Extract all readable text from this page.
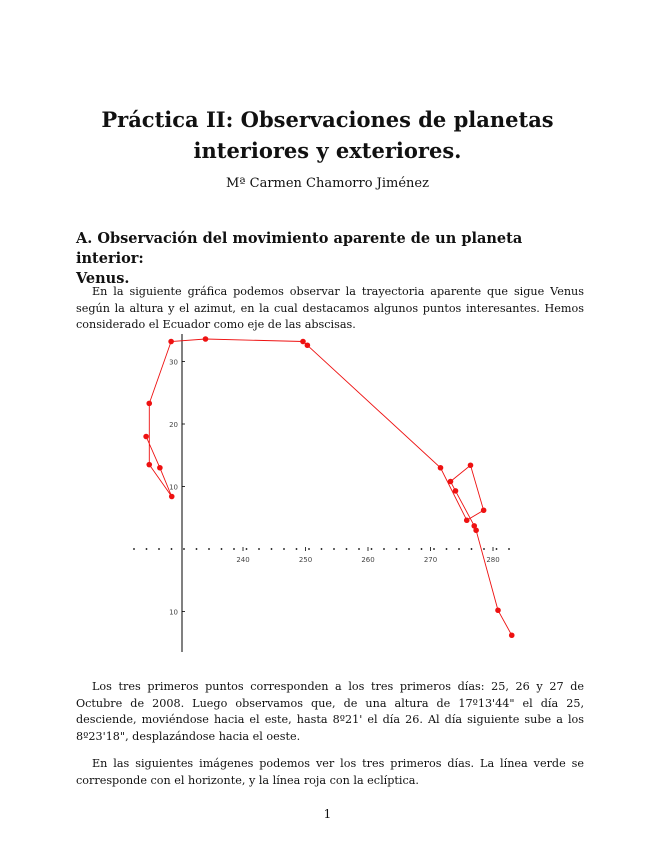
Práctica II: Observaciones de planetas
interiores y exteriores.
Mª Carmen Chamorro Jiménez
A. Observación del movimiento aparente de un planeta interior:
Venus.

En la siguiente gráfica podemos observar la trayectoria aparente que sigue Venus según la altura y el azimut, en la cual destacamos algunos puntos interesantes. Hemos considerado el Ecuador como eje de las abscisas.

240	250	260	270	280
30
20
10
10

Los tres primeros puntos corresponden a los tres primeros días: 25, 26 y 27 de Octubre de 2008. Luego observamos que, de una altura de 17º13'44" el día 25, desciende, moviéndose hacia el este, hasta 8º21' el día 26. Al día siguiente sube a los 8º23'18", desplazándose hacia el oeste.

En las siguientes imágenes podemos ver los tres primeros días. La línea verde se corresponde con el horizonte, y la línea roja con la eclíptica.

1
